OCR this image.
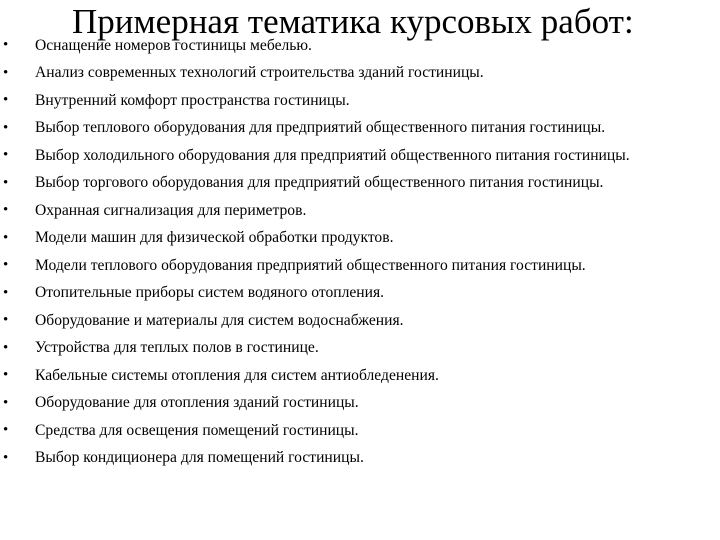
Примерная тематика курсовых работ:
•	Оснащение номеров гостиницы мебелью.
•	Анализ современных технологий строительства зданий гостиницы.
•	Внутренний комфорт пространства гостиницы.
•	Выбор теплового оборудования для предприятий общественного питания гостиницы.
•	Выбор холодильного оборудования для предприятий общественного питания гостиницы.
•	Выбор торгового оборудования для предприятий общественного питания гостиницы.
•	Охранная сигнализация для периметров.
•	Модели машин для физической обработки продуктов.
•	Модели теплового оборудования предприятий общественного питания гостиницы.
•	Отопительные приборы систем водяного отопления.
•	Оборудование и материалы для систем водоснабжения.
•	Устройства для теплых полов в гостинице.
•	Кабельные системы отопления для систем антиобледенения.
•	Оборудование для отопления зданий гостиницы.
•	Средства для освещения помещений гостиницы.
•	Выбор кондиционера для помещений гостиницы.
